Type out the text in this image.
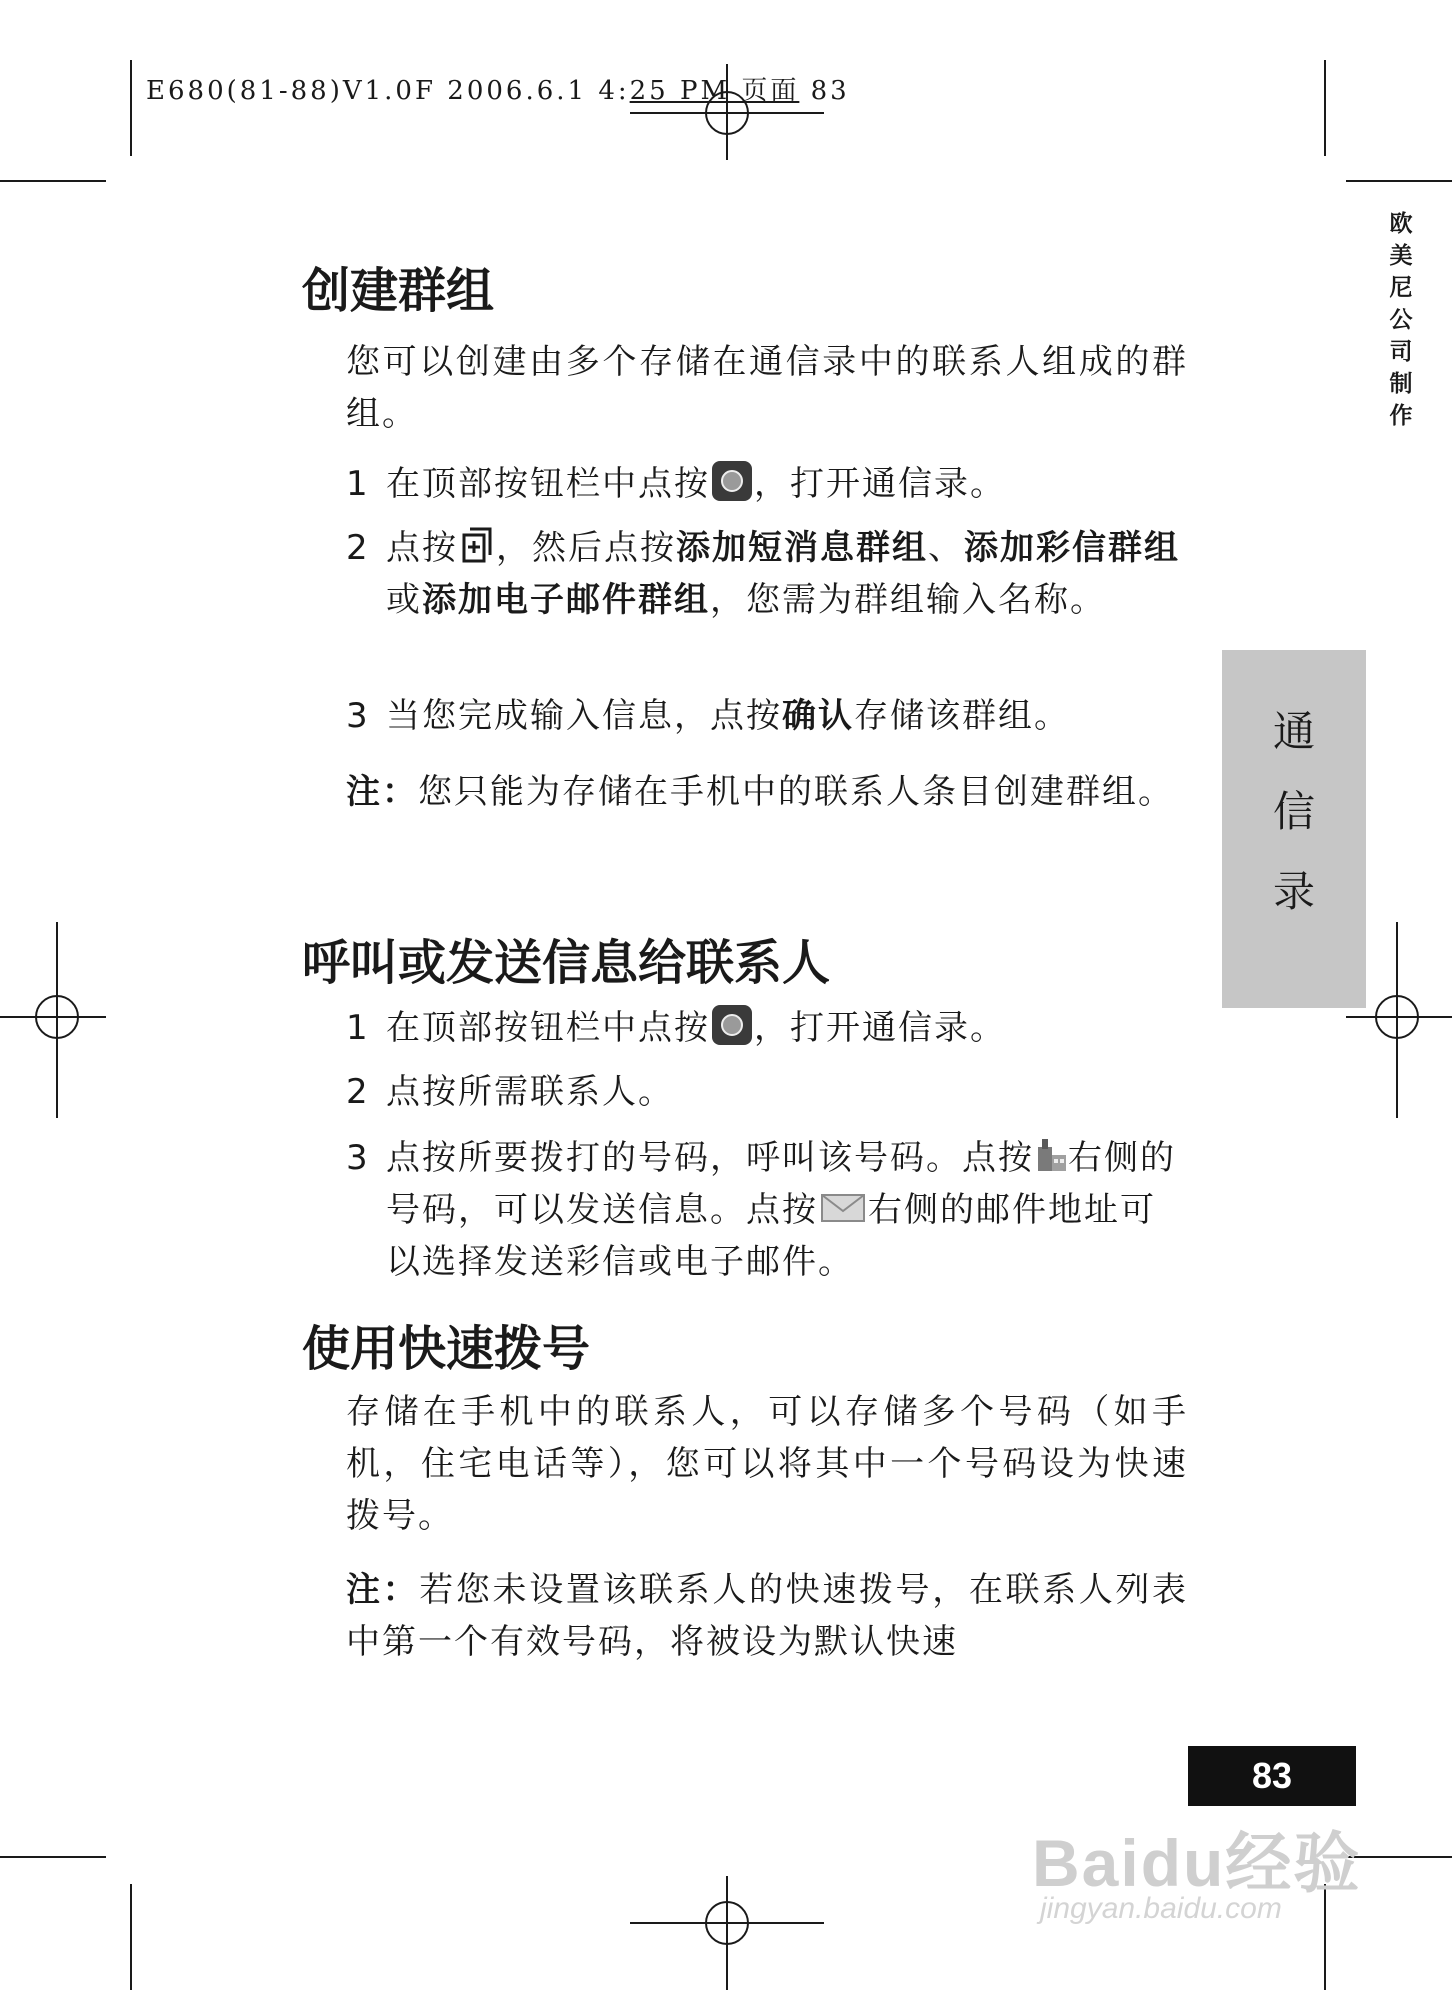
E680(81-88)V1.0F 2006.6.1 4:25 PM 页面 83
欧
美
尼
公
司
制
作
通
信
录
创建群组

您可以创建由多个存储在通信录中的联系人组成的群组。

1 在顶部按钮栏中点按 ，打开通信录。
2 点按 ，然后点按添加短消息群组、添加彩信群组或添加电子邮件群组，您需为群组输入名称。
3 当您完成输入信息，点按确认存储该群组。

注：您只能为存储在手机中的联系人条目创建群组。

呼叫或发送信息给联系人
1 在顶部按钮栏中点按 ，打开通信录。
2 点按所需联系人。
3 点按所要拨打的号码，呼叫该号码。点按 右侧的号码，可以发送信息。点按 右侧的邮件地址可以选择发送彩信或电子邮件。
使用快速拨号

存储在手机中的联系人，可以存储多个号码（如手机，住宅电话等），您可以将其中一个号码设为快速拨号。

注：若您未设置该联系人的快速拨号，在联系人列表中第一个有效号码，将被设为默认快速

83
Baidu经验
jingyan.baidu.com
